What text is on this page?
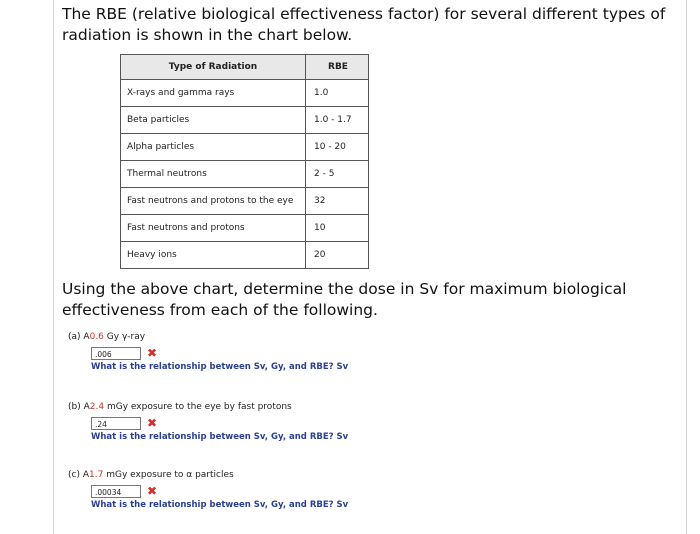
The RBE (relative biological effectiveness factor) for several different types of radiation is shown in the chart below.
Type of Radiation	RBE
X-rays and gamma rays	1.0
Beta particles	1.0 - 1.7
Alpha particles	10 - 20
Thermal neutrons	2 - 5
Fast neutrons and protons to the eye	32
Fast neutrons and protons	10
Heavy ions	20
Using the above chart, determine the dose in Sv for maximum biological effectiveness from each of the following.
(a) A0.6 Gy γ-ray
.006	✖
What is the relationship between Sv, Gy, and RBE? Sv
(b) A2.4 mGy exposure to the eye by fast protons
.24	✖
What is the relationship between Sv, Gy, and RBE? Sv
(c) A1.7 mGy exposure to α particles
.00034 ✖
What is the relationship between Sv, Gy, and RBE? Sv
